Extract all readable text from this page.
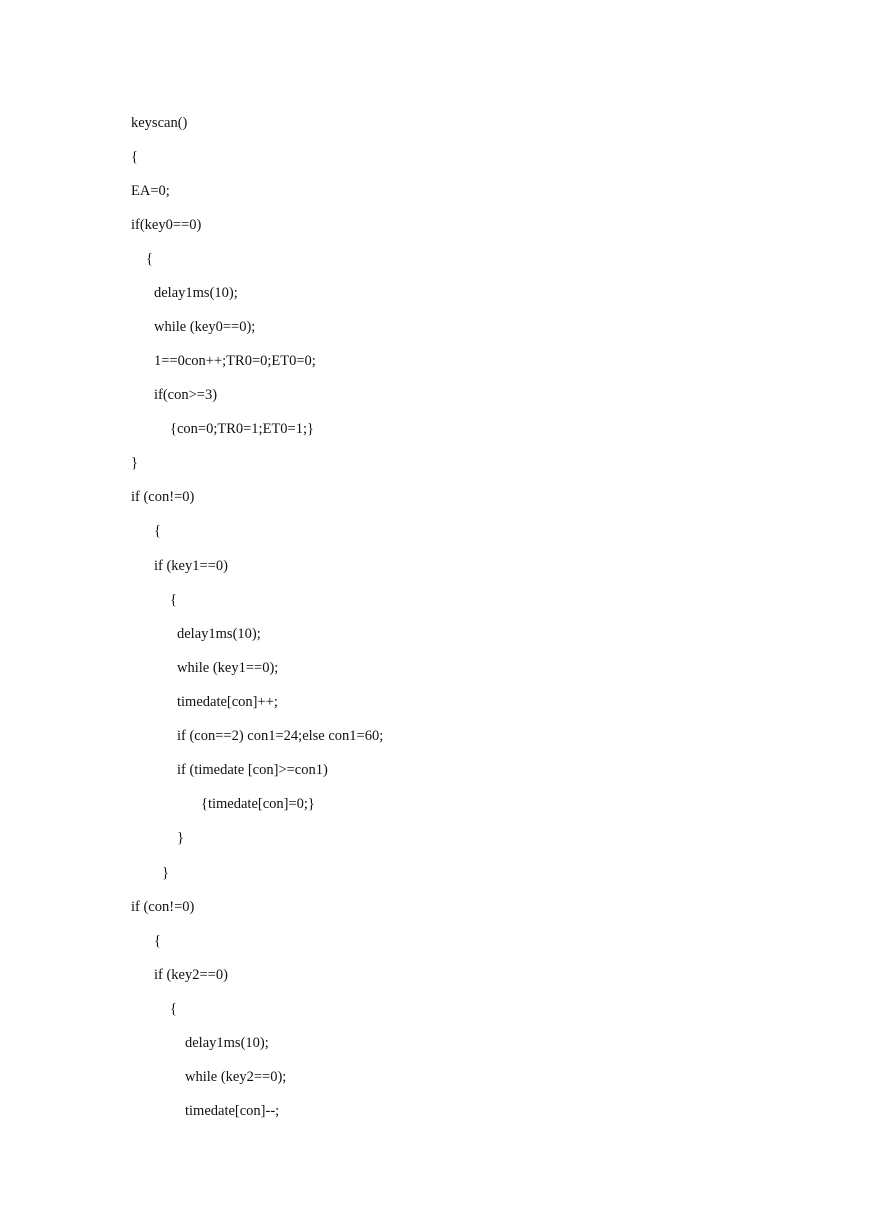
keyscan()
{
EA=0;
if(key0==0)
{
delay1ms(10);
while (key0==0);
1==0con++;TR0=0;ET0=0;
if(con>=3)
{con=0;TR0=1;ET0=1;}
}
if (con!=0)
{
if (key1==0)
{
delay1ms(10);
while (key1==0);
timedate[con]++;
if (con==2) con1=24;else con1=60;
if (timedate [con]>=con1)
{timedate[con]=0;}
}
}
if (con!=0)
{
if (key2==0)
{
delay1ms(10);
while (key2==0);
timedate[con]--;
